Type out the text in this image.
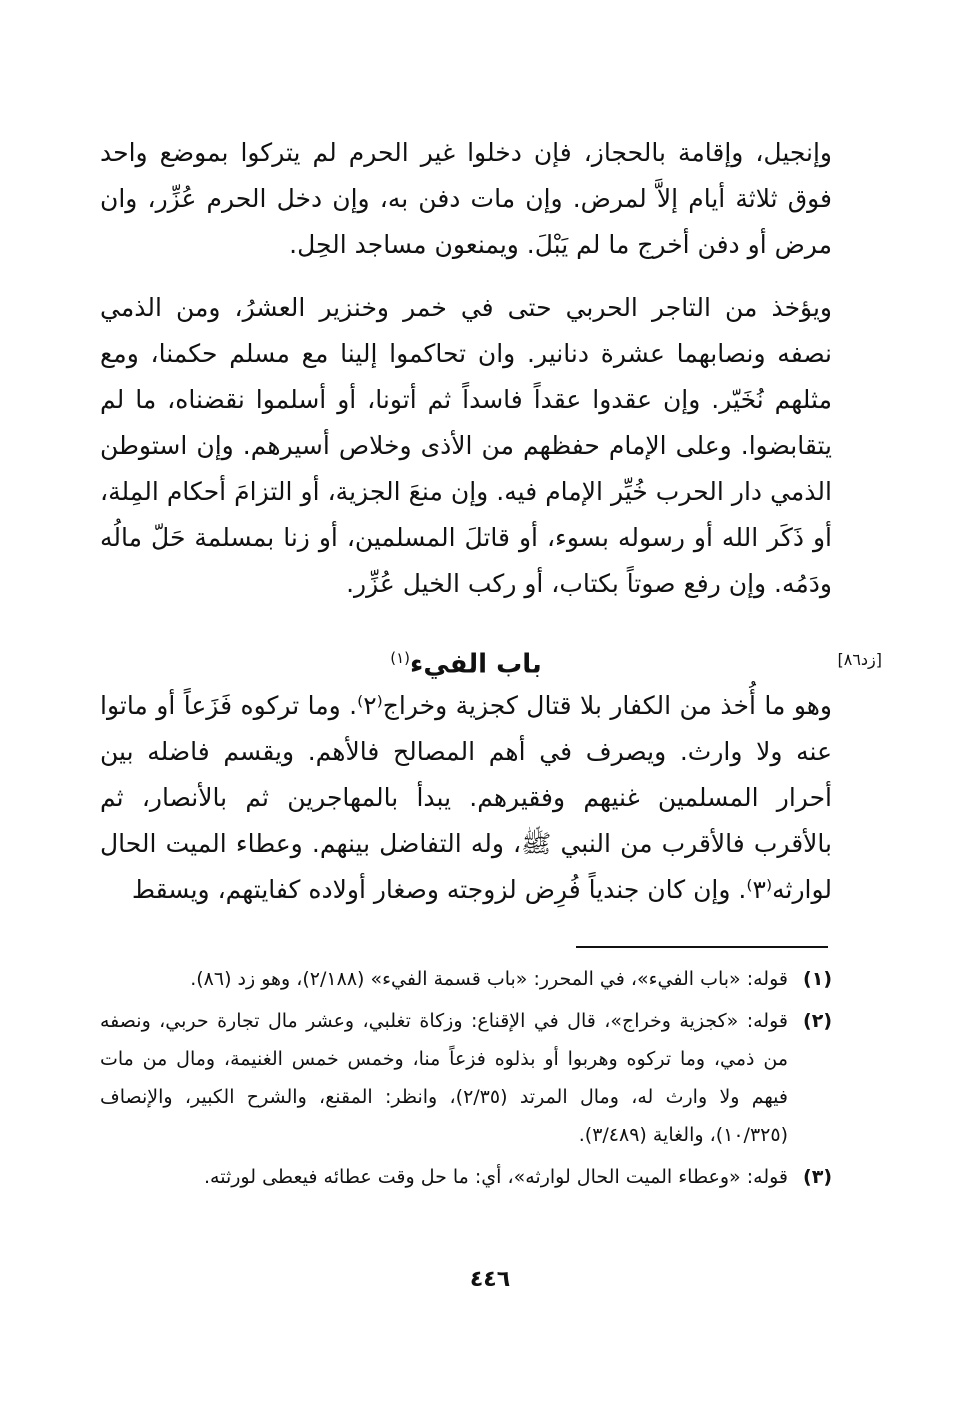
وإنجيل، وإقامة بالحجاز، فإن دخلوا غير الحرم لم يتركوا بموضع واحد فوق ثلاثة أيام إلاَّ لمرض. وإن مات دفن به، وإن دخل الحرم عُزِّر، وان مرض أو دفن أخرج ما لم يَبْلَ. ويمنعون مساجد الحِل.

ويؤخذ من التاجر الحربي حتى في خمر وخنزير العشرُ، ومن الذمي نصفه ونصابهما عشرة دنانير. وان تحاكموا إلينا مع مسلم حكمنا، ومع مثلهم نُخَيّر. وإن عقدوا عقداً فاسداً ثم أتونا، أو أسلموا نقضناه، ما لم يتقابضوا. وعلى الإمام حفظهم من الأذى وخلاص أسيرهم. وإن استوطن الذمي دار الحرب خُيِّر الإمام فيه. وإن منعَ الجزية، أو التزامَ أحكام المِلة، أو ذَكَر الله أو رسوله بسوء، أو قاتلَ المسلمين، أو زنا بمسلمة حَلّ مالُه ودَمُه. وإن رفع صوتاً بكتاب، أو ركب الخيل عُزِّر.

[زد٨٦]
باب الفيء$^{(١)}$

وهو ما أُخذ من الكفار بلا قتال كجزية وخراج⁽٢⁾. وما تركوه فَزَعاً أو ماتوا عنه ولا وارث. ويصرف في أهم المصالح فالأهم. ويقسم فاضله بين أحرار المسلمين غنيهم وفقيرهم. يبدأ بالمهاجرين ثم بالأنصار، ثم بالأقرب فالأقرب من النبي ﷺ، وله التفاضل بينهم. وعطاء الميت الحال لوارثه⁽٣⁾. وإن كان جندياً فُرِض لزوجته وصغار أولاده كفايتهم، ويسقط

(١)
قوله: «باب الفيء»، في المحرر: «باب قسمة الفيء» (٢/١٨٨)، وهو زد (٨٦).
(٢)
قوله: «كجزية وخراج»، قال في الإقناع: وزكاة تغلبي، وعشر مال تجارة حربي، ونصفه من ذمي، وما تركوه وهربوا أو بذلوه فزعاً منا، وخمس خمس الغنيمة، ومال من مات فيهم ولا وارث له، ومال المرتد (٢/٣٥)، وانظر: المقنع، والشرح الكبير، والإنصاف (١٠/٣٢٥)، والغاية (٣/٤٨٩).
(٣)
قوله: «وعطاء الميت الحال لوارثه»، أي: ما حل وقت عطائه فيعطى لورثته.
٤٤٦
